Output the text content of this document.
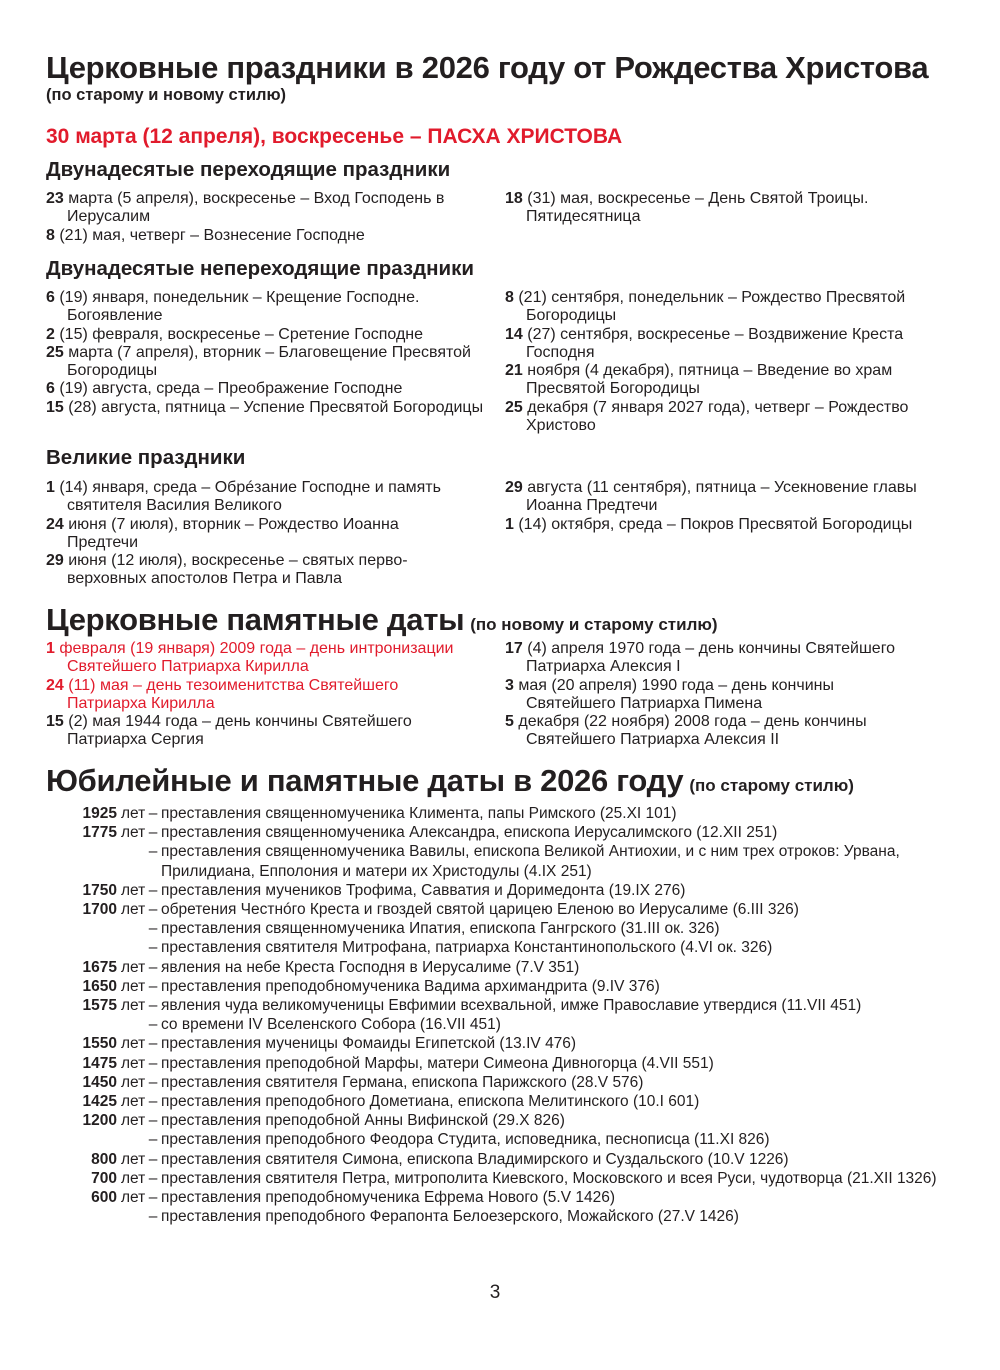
Церковные праздники в 2026 году от Рождества Христова
(по старому и новому стилю)
30 марта (12 апреля), воскресенье – ПАСХА ХРИСТОВА
Двунадесятые переходящие праздники
23 марта (5 апреля), воскресенье – Вход Господень в Иерусалим
8 (21) мая, четверг – Вознесение Господне
18 (31) мая, воскресенье – День Святой Троицы. Пятидесятница
Двунадесятые непереходящие праздники
6 (19) января, понедельник – Крещение Господне. Богоявление
2 (15) февраля, воскресенье – Сретение Господне
25 марта (7 апреля), вторник – Благовещение Пресвятой Богородицы
6 (19) августа, среда – Преображение Господне
15 (28) августа, пятница – Успение Пресвятой Богородицы
8 (21) сентября, понедельник – Рождество Пресвятой Богородицы
14 (27) сентября, воскресенье – Воздвижение Креста Господня
21 ноября (4 декабря), пятница – Введение во храм Пресвятой Богородицы
25 декабря (7 января 2027 года), четверг – Рождество Христово
Великие праздники
1 (14) января, среда – Обрéзание Господне и память святителя Василия Великого
24 июня (7 июля), вторник – Рождество Иоанна Предтечи
29 июня (12 июля), воскресенье – святых перво-верховных апостолов Петра и Павла
29 августа (11 сентября), пятница – Усекновение главы Иоанна Предтечи
1 (14) октября, среда – Покров Пресвятой Богородицы
Церковные памятные даты (по новому и старому стилю)
1 февраля (19 января) 2009 года – день интронизации Святейшего Патриарха Кирилла
24 (11) мая – день тезоименитства Святейшего Патриарха Кирилла
15 (2) мая 1944 года – день кончины Святейшего Патриарха Сергия
17 (4) апреля 1970 года – день кончины Святейшего Патриарха Алексия I
3 мая (20 апреля) 1990 года – день кончины Святейшего Патриарха Пимена
5 декабря (22 ноября) 2008 года – день кончины Святейшего Патриарха Алексия II
Юбилейные и памятные даты в 2026 году (по старому стилю)
1925 лет – преставления священномученика Климента, папы Римского (25.XI 101)
1775 лет – преставления священномученика Александра, епископа Иерусалимского (12.XII 251)
– преставления священномученика Вавилы, епископа Великой Антиохии, и с ним трех отроков: Урвана, Прилидиана, Епполония и матери их Христодулы (4.IX 251)
1750 лет – преставления мучеников Трофима, Савватия и Доримедонта (19.IX 276)
1700 лет – обретения Честнóго Креста и гвоздей святой царицею Еленою во Иерусалиме (6.III 326)
– преставления священномученика Ипатия, епископа Гангрского (31.III ок. 326)
– преставления святителя Митрофана, патриарха Константинопольского (4.VI ок. 326)
1675 лет – явления на небе Креста Господня в Иерусалиме (7.V 351)
1650 лет – преставления преподобномученика Вадима архимандрита (9.IV 376)
1575 лет – явления чуда великомученицы Евфимии всехвальной, имже Православие утвердися (11.VII 451)
– со времени IV Вселенского Собора (16.VII 451)
1550 лет – преставления мученицы Фомаиды Египетской (13.IV 476)
1475 лет – преставления преподобной Марфы, матери Симеона Дивногорца (4.VII 551)
1450 лет – преставления святителя Германа, епископа Парижского (28.V 576)
1425 лет – преставления преподобного Дометиана, епископа Мелитинского (10.I 601)
1200 лет – преставления преподобной Анны Вифинской (29.X 826)
– преставления преподобного Феодора Студита, исповедника, песнописца (11.XI 826)
800 лет – преставления святителя Симона, епископа Владимирского и Суздальского (10.V 1226)
700 лет – преставления святителя Петра, митрополита Киевского, Московского и всея Руси, чудотворца (21.XII 1326)
600 лет – преставления преподобномученика Ефрема Нового (5.V 1426)
– преставления преподобного Ферапонта Белоезерского, Можайского (27.V 1426)
3
